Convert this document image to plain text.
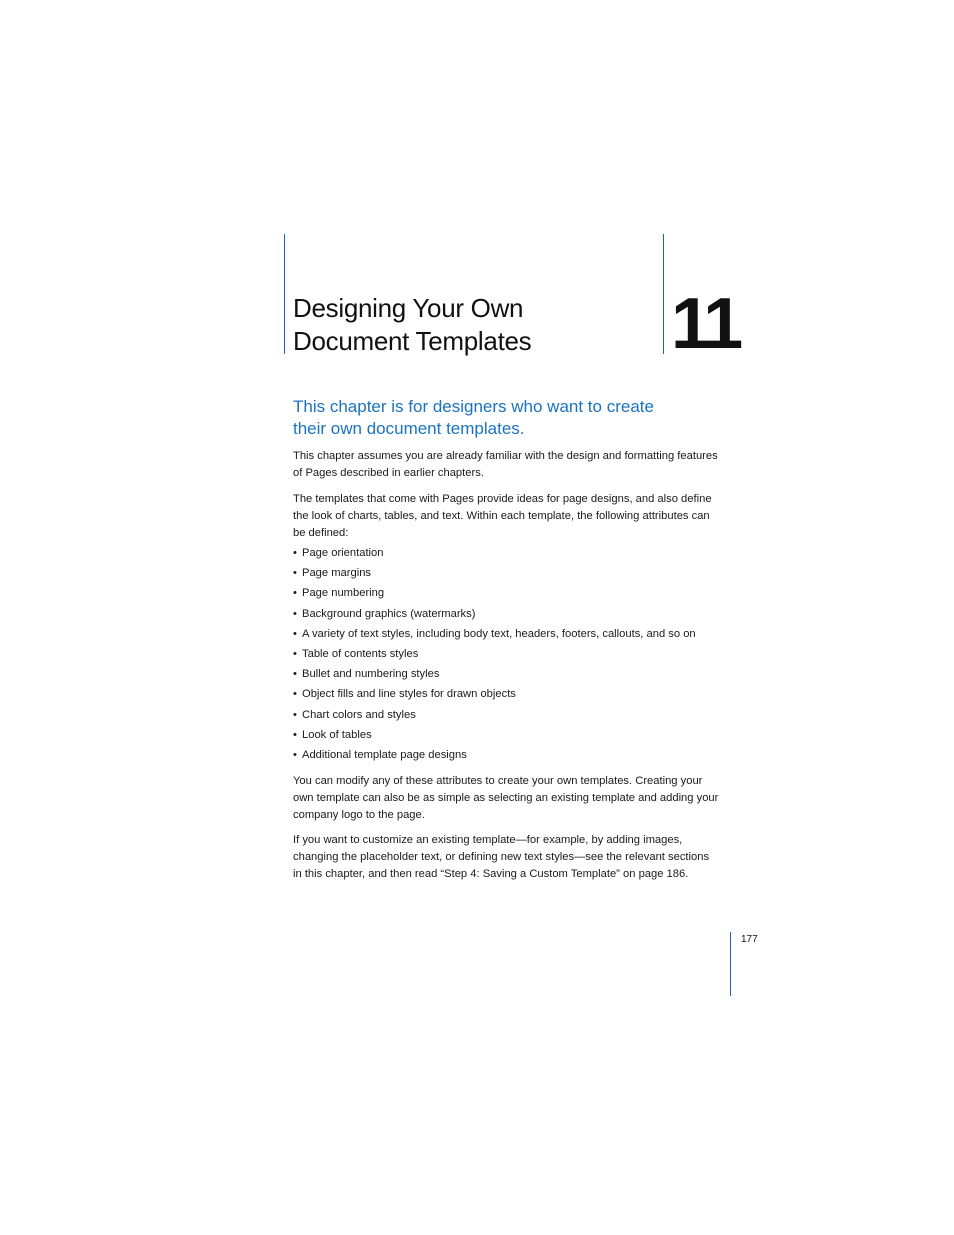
Designing Your Own
Document Templates	11

This chapter is for designers who want to create
their own document templates.

This chapter assumes you are already familiar with the design and formatting features
of Pages described in earlier chapters.

The templates that come with Pages provide ideas for page designs, and also define
the look of charts, tables, and text. Within each template, the following attributes can
be defined:

• Page orientation
• Page margins
• Page numbering
• Background graphics (watermarks)
• A variety of text styles, including body text, headers, footers, callouts, and so on
• Table of contents styles
• Bullet and numbering styles
• Object fills and line styles for drawn objects
• Chart colors and styles
• Look of tables
• Additional template page designs

You can modify any of these attributes to create your own templates. Creating your
own template can also be as simple as selecting an existing template and adding your
company logo to the page.

If you want to customize an existing template—for example, by adding images,
changing the placeholder text, or defining new text styles—see the relevant sections
in this chapter, and then read “Step 4: Saving a Custom Template” on page 186.

177
